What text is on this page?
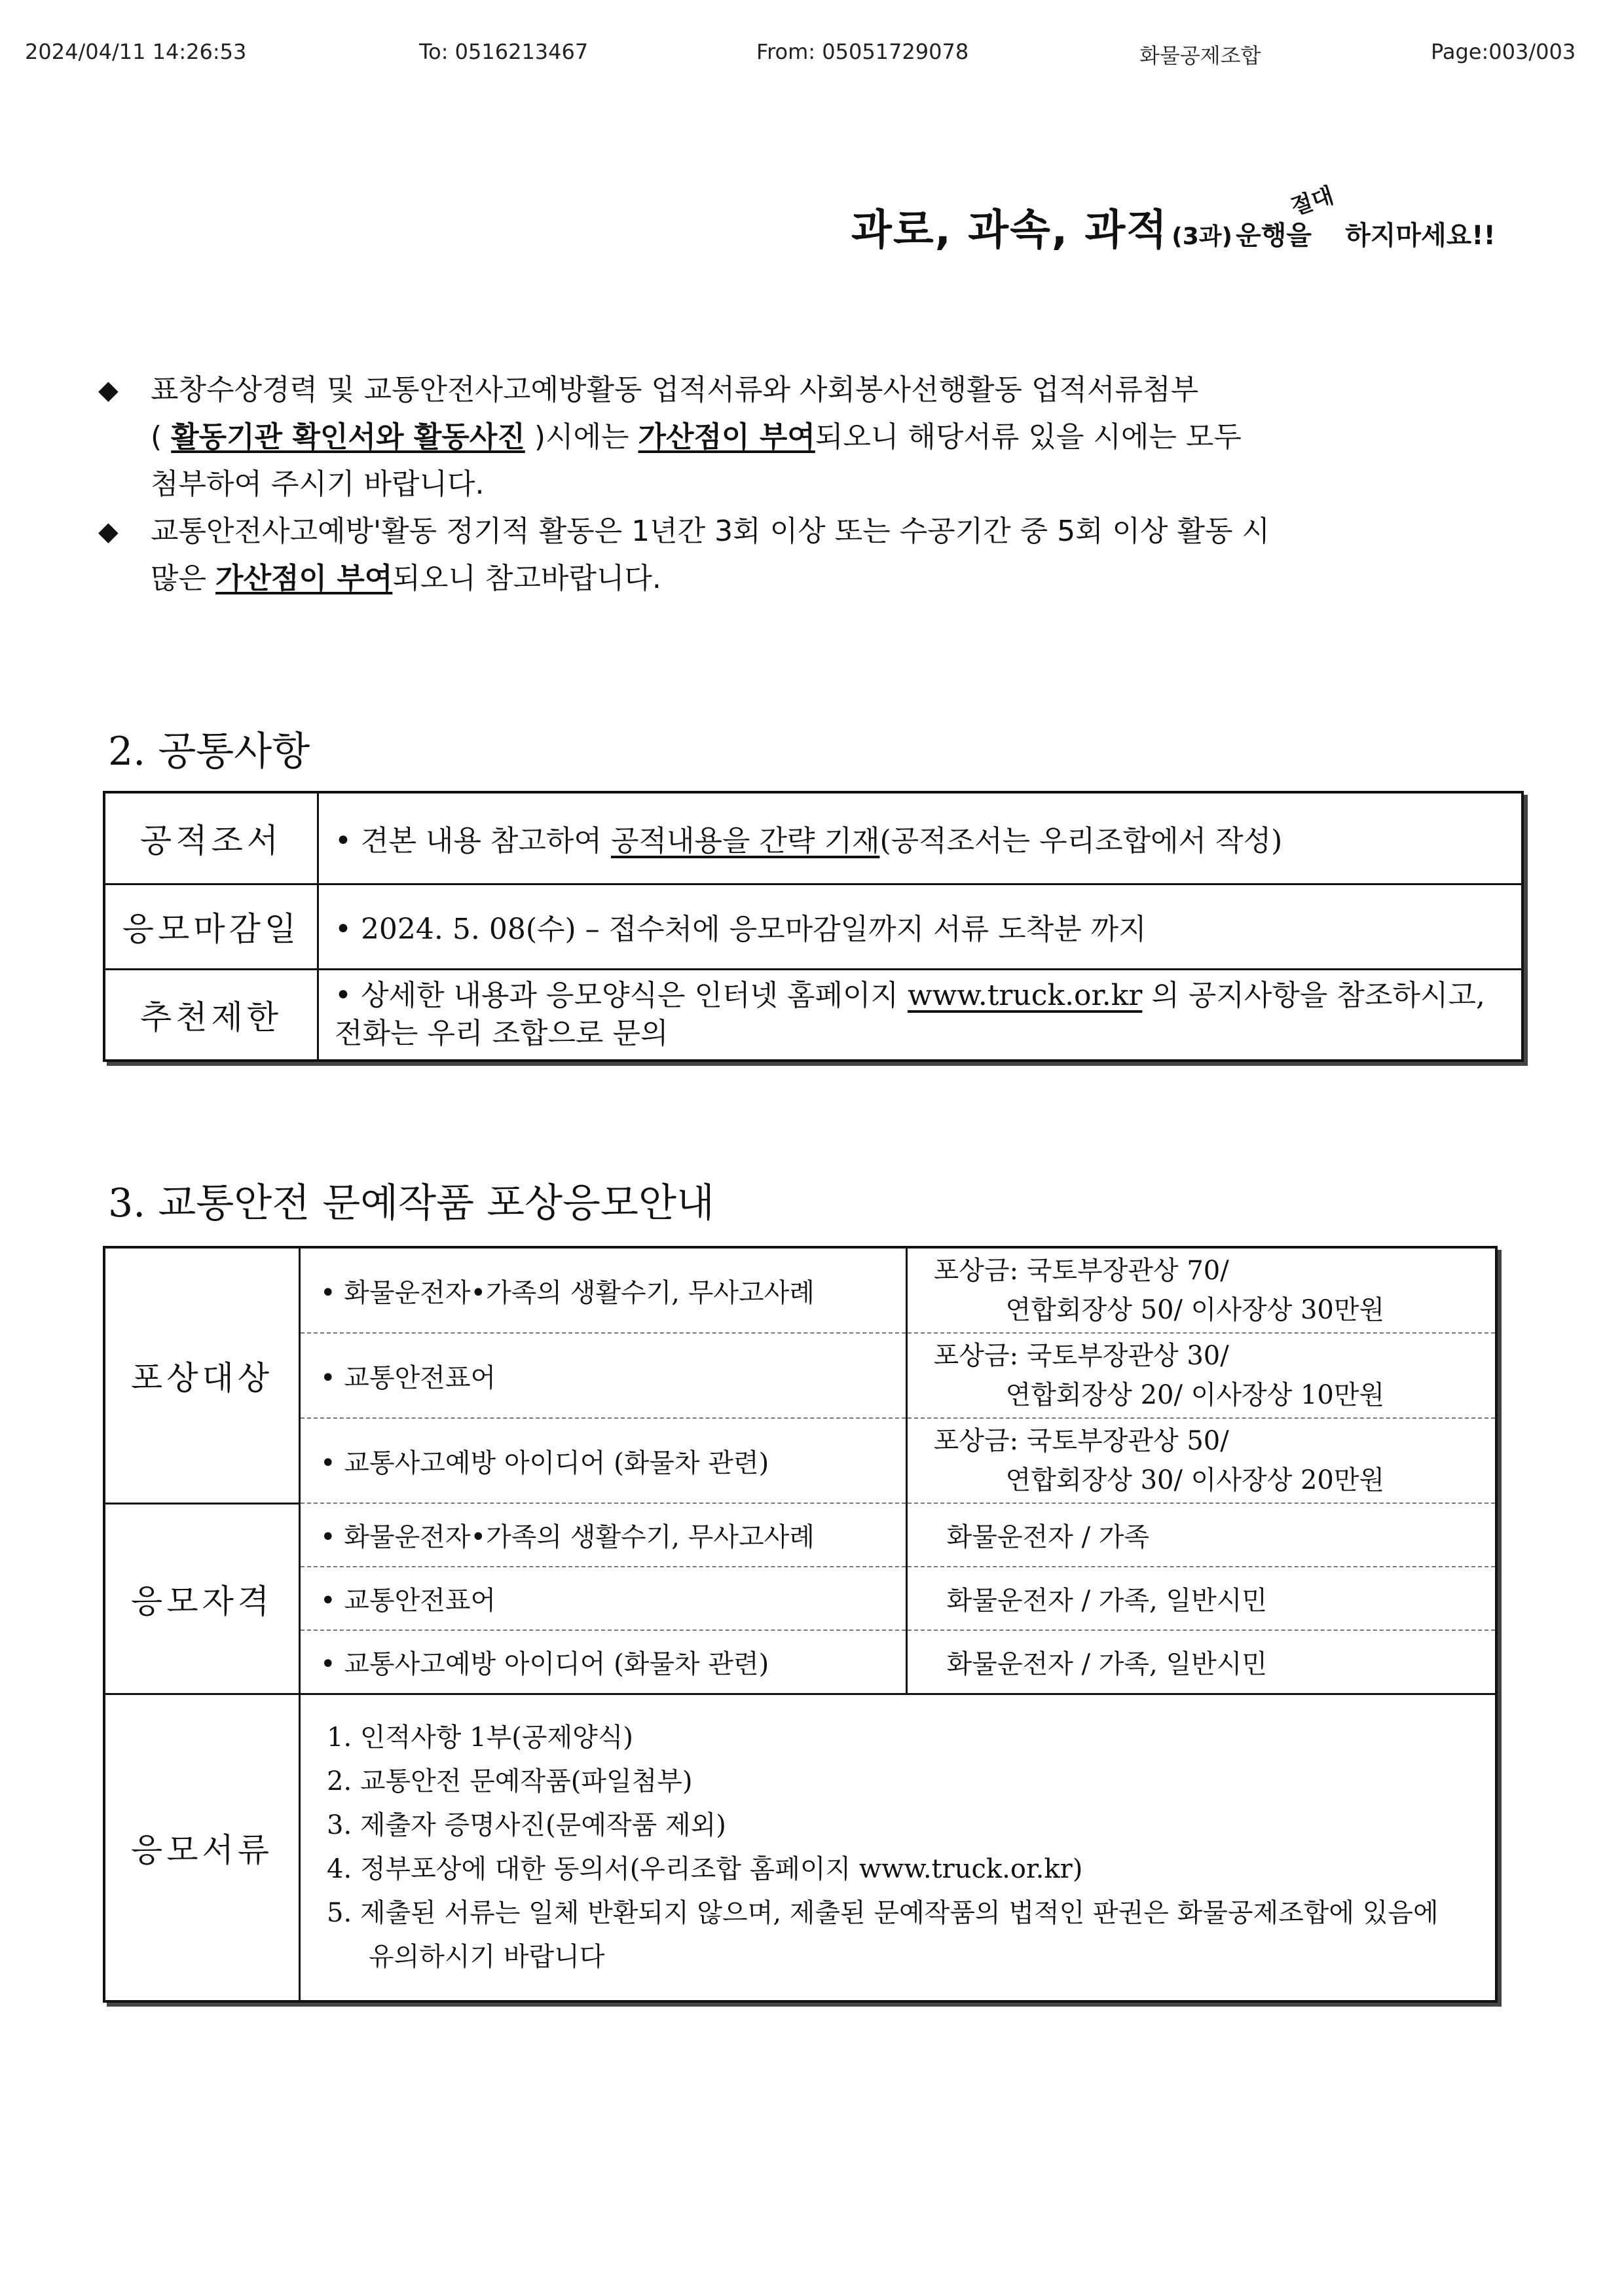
2024/04/11 14:26:53	To: 0516213467	From: 05051729078	화물공제조합	Page:003/003
과로, 과속, 과적 (3과) 운행을
절대
하지마세요!!
◆ 표창수상경력 및 교통안전사고예방활동 업적서류와 사회봉사선행활동 업적서류첨부
( 활동기관 확인서와 활동사진 )시에는 가산점이 부여되오니 해당서류 있을 시에는 모두
첨부하여 주시기 바랍니다.
◆ 교통안전사고예방'활동 정기적 활동은 1년간 3회 이상 또는 수공기간 중 5회 이상 활동 시
많은 가산점이 부여되오니 참고바랍니다.
2. 공통사항
공적조서	• 견본 내용 참고하여 공적내용을 간략 기재(공적조서는 우리조합에서 작성)
응모마감일	• 2024. 5. 08(수) – 접수처에 응모마감일까지 서류 도착분 까지
추천제한	• 상세한 내용과 응모양식은 인터넷 홈페이지 www.truck.or.kr 의 공지사항을 참조하시고, 전화는 우리 조합으로 문의
3. 교통안전 문예작품 포상응모안내
포상대상	• 화물운전자•가족의 생활수기, 무사고사례	포상금: 국토부장관상 70/
연합회장상 50/ 이사장상 30만원

	• 교통안전표어	포상금: 국토부장관상 30/
연합회장상 20/ 이사장상 10만원

	• 교통사고예방 아이디어 (화물차 관련)	포상금: 국토부장관상 50/
연합회장상 30/ 이사장상 20만원

응모자격	• 화물운전자•가족의 생활수기, 무사고사례	화물운전자 / 가족
	• 교통안전표어	화물운전자 / 가족, 일반시민
	• 교통사고예방 아이디어 (화물차 관련)	화물운전자 / 가족, 일반시민
응모서류	1. 인적사항 1부(공제양식)
2. 교통안전 문예작품(파일첨부)
3. 제출자 증명사진(문예작품 제외)
4. 정부포상에 대한 동의서(우리조합 홈페이지 www.truck.or.kr)
5. 제출된 서류는 일체 반환되지 않으며, 제출된 문예작품의 법적인 판권은 화물공제조합에 있음에 유의하시기 바랍니다	
